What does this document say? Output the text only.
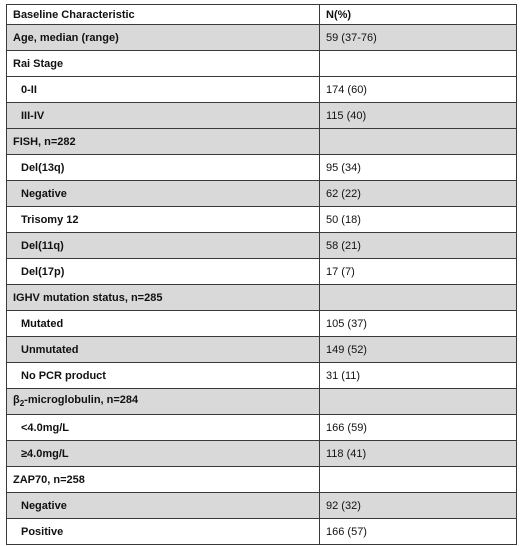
Baseline Characteristic	N(%)
Age, median (range)	59 (37-76)
Rai Stage	
0-II	174 (60)
III-IV	115 (40)
FISH, n=282	
Del(13q)	95 (34)
Negative	62 (22)
Trisomy 12	50 (18)
Del(11q)	58 (21)
Del(17p)	17 (7)
IGHV mutation status, n=285	
Mutated	105 (37)
Unmutated	149 (52)
No PCR product	31 (11)
$\beta_2$-microglobulin, n=284	
<4.0mg/L	166 (59)
≥4.0mg/L	118 (41)
ZAP70, n=258	
Negative	92 (32)
Positive	166 (57)
